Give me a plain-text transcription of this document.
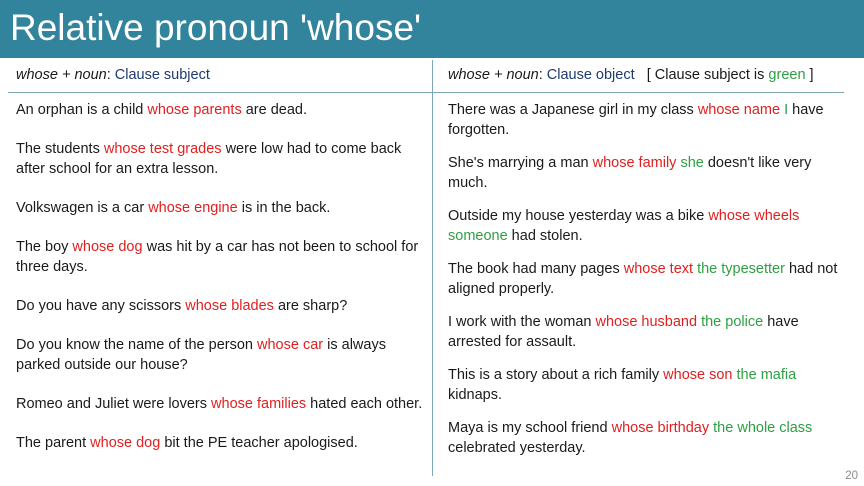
Relative pronoun 'whose'
whose + noun: Clause subject
An orphan is a child whose parents are dead.
The students whose test grades were low had to come back after school for an extra lesson.
Volkswagen is a car whose engine is in the back.
The boy whose dog was hit by a car has not been to school for three days.
Do you have any scissors whose blades are sharp?
Do you know the name of the person whose car is always parked outside our house?
Romeo and Juliet were lovers whose families hated each other.
The parent whose dog bit the PE teacher apologised.
whose + noun: Clause object [ Clause subject is green ]
There was a Japanese girl in my class whose name I have forgotten.
She's marrying a man whose family she doesn't like very much.
Outside my house yesterday was a bike whose wheels someone had stolen.
The book had many pages whose text the typesetter had not aligned properly.
I work with the woman whose husband the police have arrested for assault.
This is a story about a rich family whose son the mafia kidnaps.
Maya is my school friend whose birthday the whole class celebrated yesterday.
20
